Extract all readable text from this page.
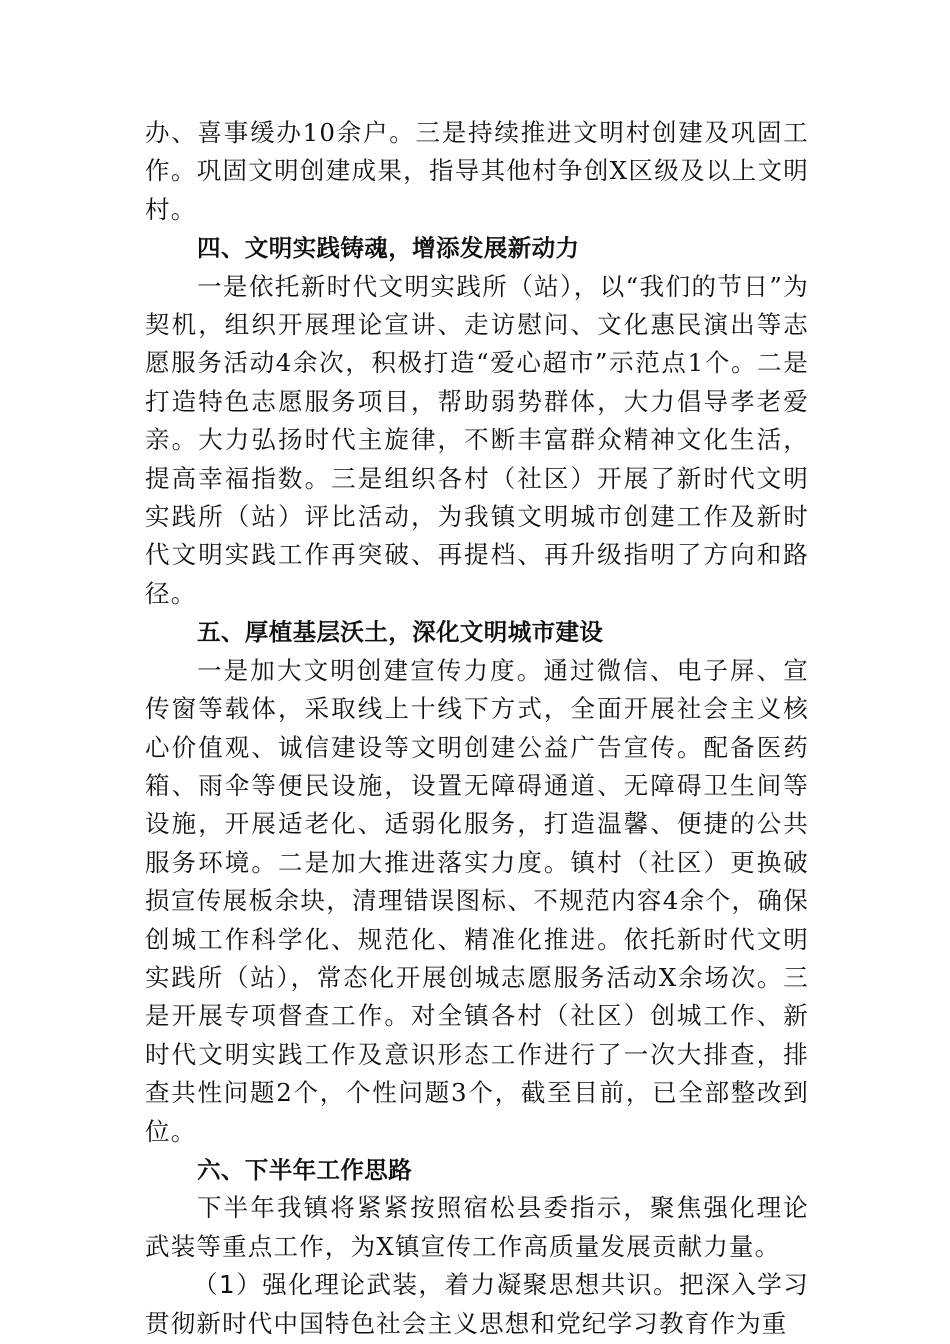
办、喜事缓办10余户。三是持续推进文明村创建及巩固工作。巩固文明创建成果，指导其他村争创X区级及以上文明村。

四、文明实践铸魂，增添发展新动力

一是依托新时代文明实践所（站），以“我们的节日”为契机，组织开展理论宣讲、走访慰问、文化惠民演出等志愿服务活动4余次，积极打造“爱心超市”示范点1个。二是打造特色志愿服务项目，帮助弱势群体，大力倡导孝老爱亲。大力弘扬时代主旋律，不断丰富群众精神文化生活，提高幸福指数。三是组织各村（社区）开展了新时代文明实践所（站）评比活动，为我镇文明城市创建工作及新时代文明实践工作再突破、再提档、再升级指明了方向和路径。

五、厚植基层沃土，深化文明城市建设

一是加大文明创建宣传力度。通过微信、电子屏、宣传窗等载体，采取线上十线下方式，全面开展社会主义核心价值观、诚信建设等文明创建公益广告宣传。配备医药箱、雨伞等便民设施，设置无障碍通道、无障碍卫生间等设施，开展适老化、适弱化服务，打造温馨、便捷的公共服务环境。二是加大推进落实力度。镇村（社区）更换破损宣传展板余块，清理错误图标、不规范内容4余个，确保创城工作科学化、规范化、精准化推进。依托新时代文明实践所（站），常态化开展创城志愿服务活动X余场次。三是开展专项督查工作。对全镇各村（社区）创城工作、新时代文明实践工作及意识形态工作进行了一次大排查，排查共性问题2个，个性问题3个，截至目前，已全部整改到位。

六、下半年工作思路

下半年我镇将紧紧按照宿松县委指示，聚焦强化理论武装等重点工作，为X镇宣传工作高质量发展贡献力量。

（1）强化理论武装，着力凝聚思想共识。把深入学习贯彻新时代中国特色社会主义思想和党纪学习教育作为重
